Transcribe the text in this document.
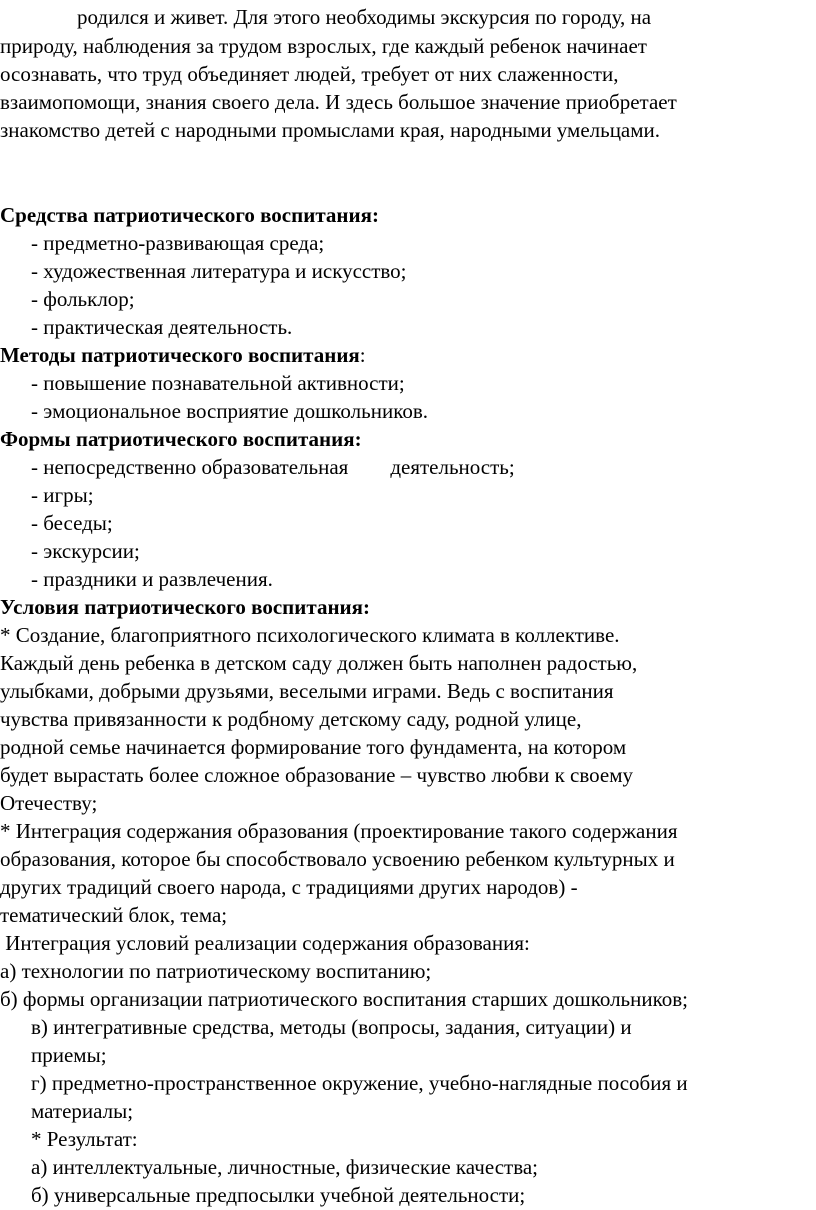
родился и живет. Для этого необходимы экскурсия по городу, на
природу, наблюдения за трудом взрослых, где каждый ребенок начинает
осознавать, что труд объединяет людей, требует от них слаженности,
взаимопомощи, знания своего дела. И здесь большое значение приобретает
знакомство детей с народными промыслами края, народными умельцами.
Средства патриотического воспитания:
- предметно-развивающая среда;
- художественная литература и искусство;
- фольклор;
- практическая деятельность.
Методы патриотического воспитания:
- повышение познавательной активности;
- эмоциональное восприятие дошкольников.
Формы патриотического воспитания:
- непосредственно образовательная        деятельность;
- игры;
- беседы;
- экскурсии;
- праздники и развлечения.
Условия патриотического воспитания:
* Создание, благоприятного психологического климата в коллективе.
Каждый день ребенка в детском саду должен быть наполнен радостью,
улыбками, добрыми друзьями, веселыми играми. Ведь с воспитания
чувства привязанности к родбному детскому саду, родной улице,
родной семье начинается формирование того фундамента, на котором
будет вырастать более сложное образование – чувство любви к своему
Отечеству;
* Интеграция содержания образования (проектирование такого содержания
образования, которое бы способствовало усвоению ребенком культурных и
других традиций своего народа, с традициями других народов) -
тематический блок, тема;
Интеграция условий реализации содержания образования:
а) технологии по патриотическому воспитанию;
б) формы организации патриотического воспитания старших дошкольников;
в) интегративные средства, методы (вопросы, задания, ситуации) и
приемы;
г) предметно-пространственное окружение, учебно-наглядные пособия и
материалы;
* Результат:
а) интеллектуальные, личностные, физические качества;
б) универсальные предпосылки учебной деятельности;
